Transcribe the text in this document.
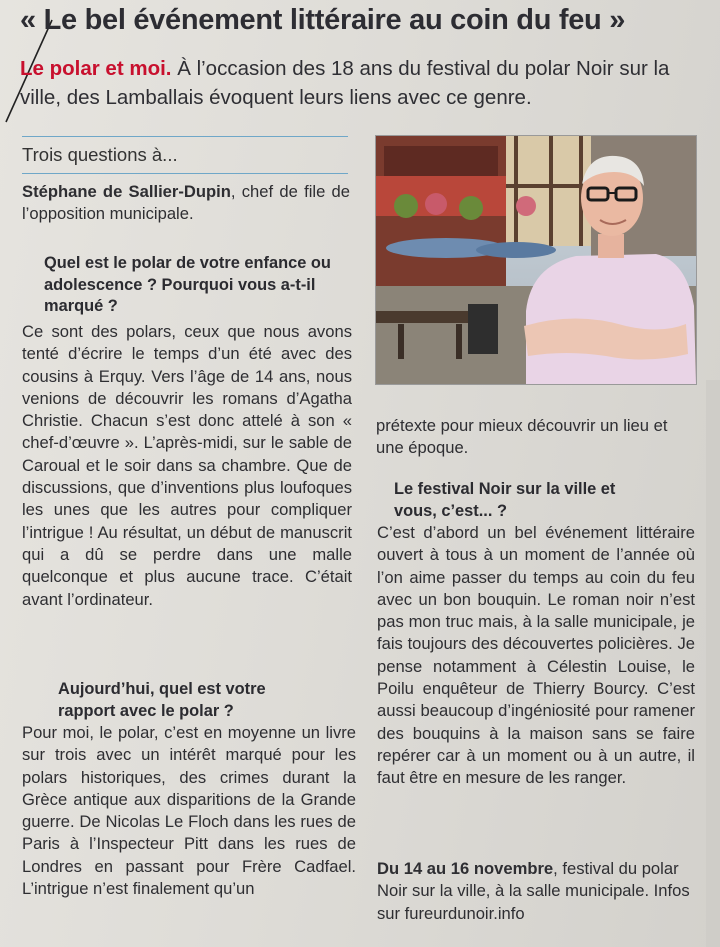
« Le bel événement littéraire au coin du feu »
Le polar et moi. À l’occasion des 18 ans du festival du polar Noir sur la ville, des Lamballais évoquent leurs liens avec ce genre.
Trois questions à...
Stéphane de Sallier-Dupin, chef de file de l’opposition municipale.
Quel est le polar de votre enfance ou adolescence ? Pourquoi vous a-t-il marqué ?
Ce sont des polars, ceux que nous avons tenté d’écrire le temps d’un été avec des cousins à Erquy. Vers l’âge de 14 ans, nous venions de découvrir les romans d’Agatha Christie. Chacun s’est donc attelé à son « chef-d’œuvre ». L’après-midi, sur le sable de Caroual et le soir dans sa chambre. Que de discussions, que d’inventions plus loufoques les unes que les autres pour compliquer l’intrigue ! Au résultat, un début de manuscrit qui a dû se perdre dans une malle quelconque et plus aucune trace. C’était avant l’ordinateur.
Aujourd’hui, quel est votre rapport avec le polar ?
Pour moi, le polar, c’est en moyenne un livre sur trois avec un intérêt marqué pour les polars historiques, des crimes durant la Grèce antique aux disparitions de la Grande guerre. De Nicolas Le Floch dans les rues de Paris à l’Inspecteur Pitt dans les rues de Londres en passant pour Frère Cadfael. L’intrigue n’est finalement qu’un
prétexte pour mieux découvrir un lieu et une époque.
Le festival Noir sur la ville et vous, c’est... ?
C’est d’abord un bel événement littéraire ouvert à tous à un moment de l’année où l’on aime passer du temps au coin du feu avec un bon bouquin. Le roman noir n’est pas mon truc mais, à la salle municipale, je fais toujours des découvertes policières. Je pense notamment à Célestin Louise, le Poilu enquêteur de Thierry Bourcy. C’est aussi beaucoup d’ingéniosité pour ramener des bouquins à la maison sans se faire repérer car à un moment ou à un autre, il faut être en mesure de les ranger.
Du 14 au 16 novembre, festival du polar Noir sur la ville, à la salle municipale. Infos sur fureurdunoir.info
